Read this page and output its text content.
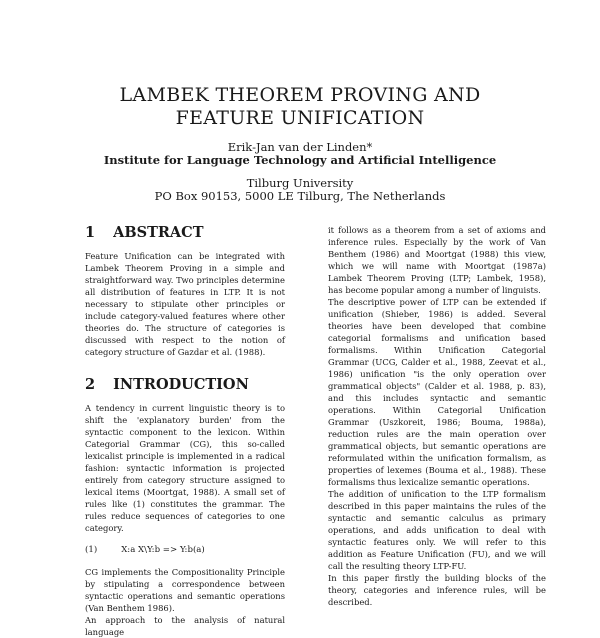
LAMBEK THEOREM PROVING AND
FEATURE UNIFICATION
Erik-Jan van der Linden*
Institute for Language Technology and Artificial Intelligence
Tilburg University
PO Box 90153, 5000 LE Tilburg, The Netherlands
1 ABSTRACT

Feature Unification can be integrated with Lambek Theorem Proving in a simple and straightforward way. Two principles determine all distribution of features in LTP. It is not necessary to stipulate other principles or include category-valued features where other theories do. The structure of categories is discussed with respect to the notion of category structure of Gazdar et al. (1988).

2 INTRODUCTION

A tendency in current linguistic theory is to shift the 'explanatory burden' from the syntactic component to the lexicon. Within Categorial Grammar (CG), this so-called lexicalist principle is implemented in a radical fashion: syntactic information is projected entirely from category structure assigned to lexical items (Moortgat, 1988). A small set of rules like (1) constitutes the grammar. The rules reduce sequences of categories to one category.

(1)	X:a X\Y:b => Y:b(a)

CG implements the Compositionality Principle by stipulating a correspondence between syntactic operations and semantic operations (Van Benthem 1986).

An approach to the analysis of natural language

it follows as a theorem from a set of axioms and inference rules. Especially by the work of Van Benthem (1986) and Moortgat (1988) this view, which we will name with Moortgat (1987a) Lambek Theorem Proving (LTP; Lambek, 1958), has become popular among a number of linguists.

The descriptive power of LTP can be extended if unification (Shieber, 1986) is added. Several theories have been developed that combine categorial formalisms and unification based formalisms. Within Unification Categorial Grammar (UCG, Calder et al., 1988, Zeevat et al., 1986) unification "is the only operation over grammatical objects" (Calder et al. 1988, p. 83), and this includes syntactic and semantic operations. Within Categorial Unification Grammar (Uszkoreit, 1986; Bouma, 1988a), reduction rules are the main operation over grammatical objects, but semantic operations are reformulated within the unification formalism, as properties of lexemes (Bouma et al., 1988). These formalisms thus lexicalize semantic operations.

The addition of unification to the LTP formalism described in this paper maintains the rules of the syntactic and semantic calculus as primary operations, and adds unification to deal with syntactic features only. We will refer to this addition as Feature Unification (FU), and we will call the resulting theory LTP-FU.

In this paper firstly the building blocks of the theory, categories and inference rules, will be described.
